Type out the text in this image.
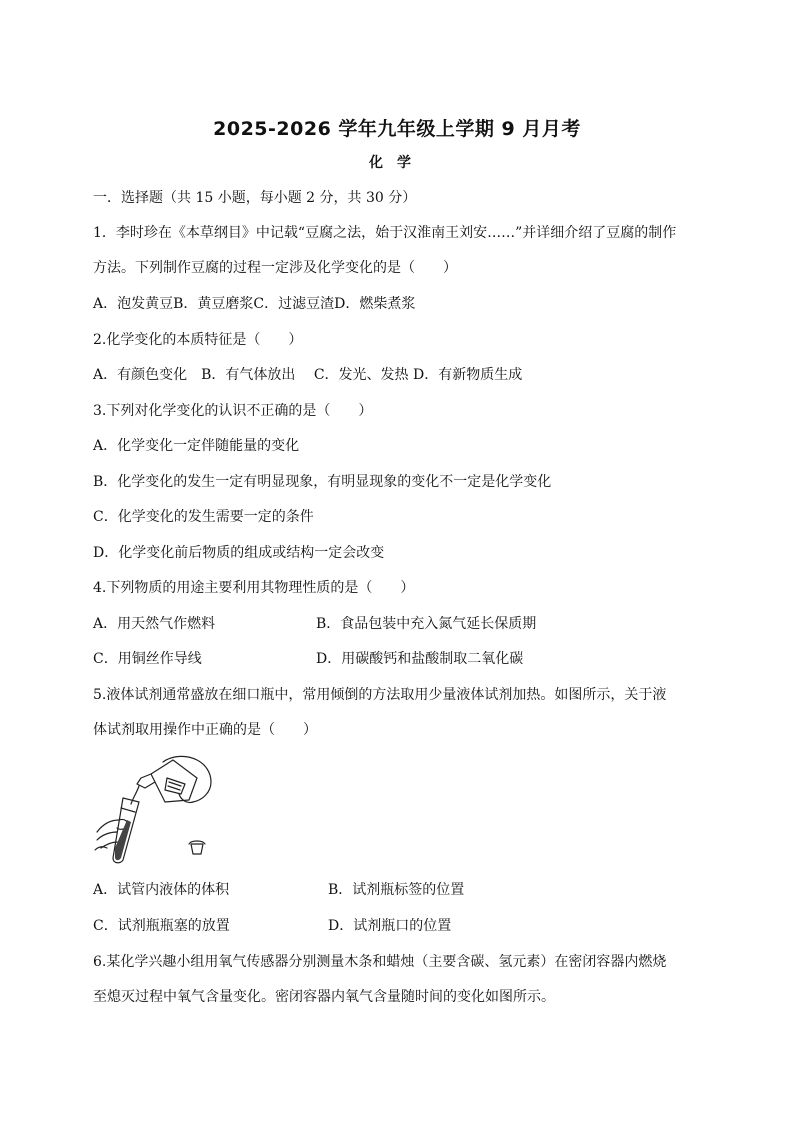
2025-2026 学年九年级上学期 9 月月考
化学
一．选择题（共 15 小题，每小题 2 分，共 30 分）
1．李时珍在《本草纲目》中记载“豆腐之法，始于汉淮南王刘安……”并详细介绍了豆腐的制作
方法。下列制作豆腐的过程一定涉及化学变化的是（　　）
A．泡发黄豆B．黄豆磨浆C．过滤豆渣D．燃柴煮浆
2.化学变化的本质特征是（　　）
A．有颜色变化　B．有气体放出　 C．发光、发热 D．有新物质生成
3.下列对化学变化的认识不正确的是（　　）
A．化学变化一定伴随能量的变化
B．化学变化的发生一定有明显现象，有明显现象的变化不一定是化学变化
C．化学变化的发生需要一定的条件
D．化学变化前后物质的组成或结构一定会改变
4.下列物质的用途主要利用其物理性质的是（　　）
A．用天然气作燃料	B．食品包装中充入氮气延长保质期
C．用铜丝作导线	D．用碳酸钙和盐酸制取二氧化碳
5.液体试剂通常盛放在细口瓶中，常用倾倒的方法取用少量液体试剂加热。如图所示，关于液
体试剂取用操作中正确的是（　　）
A．试管内液体的体积	B．试剂瓶标签的位置
C．试剂瓶瓶塞的放置	D．试剂瓶口的位置
6.某化学兴趣小组用氧气传感器分别测量木条和蜡烛（主要含碳、氢元素）在密闭容器内燃烧
至熄灭过程中氧气含量变化。密闭容器内氧气含量随时间的变化如图所示。
